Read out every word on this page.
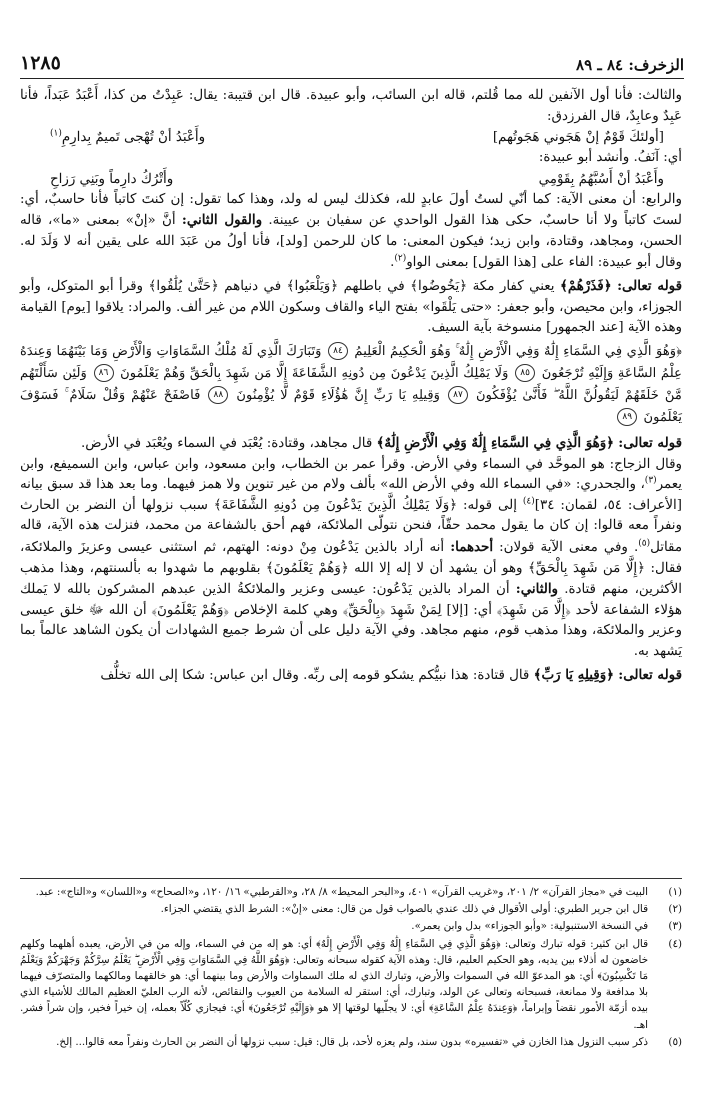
الزخرف: ٨٤ ـ ٨٩
١٢٨٥

والثالث: فأنا أول الآنفين لله مما قُلتم، قاله ابن السائب، وأبو عبيدة. قال ابن قتيبة: يقال: عَبِدْتُ من كذا، أَعْبَدُ عَبَداً، فأنا عَبِدٌ وعابِدٌ، قال الفرزدق:

[أولئكَ قَوْمٌ إنْ هَجَوني هَجَوتُهم]
وأَعْبَدُ أنْ تُهْجى تَميمٌ بِدارِمِ$^{(١)}$

أي: آنَفُ. وأنشد أبو عبيدة:

وأَعْبَدُ أنْ أَسُبَّهُمُ بِقَوْمِي
وأَتْرُكُ دارِماً وبَنِي رَزاحِ

والرابع: أن معنى الآية: كما أنّي لستُ أولَ عابدٍ لله، فكذلك ليس له ولد، وهذا كما تقول: إن كنتَ كاتباً فأنا حاسبٌ، أي: لستَ كاتباً ولا أنا حاسبٌ، حكى هذا القول الواحدي عن سفيان بن عيينة. والقول الثاني: أنَّ «إنْ» بمعنى «ما»، قاله الحسن، ومجاهد، وقتادة، وابن زيد؛ فيكون المعنى: ما كان للرحمن [ولد]، فأنا أولُ من عَبَدَ الله على يقين أنه لا وَلَدَ له. وقال أبو عبيدة: الفاء على [هذا القول] بمعنى الواو$^{(٢)}$.

قوله تعالى: ﴿فَذَرْهُمْ﴾ يعني كفار مكة ﴿يَخُوضُوا﴾ في باطلهم ﴿وَيَلْعَبُوا﴾ في دنياهم ﴿حَتَّىٰ يُلَٰقُوا﴾ وقرأ أبو المتوكل، وأبو الجوزاء، وابن محيصن، وأبو جعفر: «حتى يَلْقَوا» بفتح الياء والقاف وسكون اللام من غير ألف. والمراد: يلاقوا [يوم] القيامة وهذه الآية [عند الجمهور] منسوخة بآية السيف.

﴿وَهُوَ الَّذِي فِي السَّمَاءِ إِلَٰهٌ وَفِي الْأَرْضِ إِلَٰهٌ ۚ وَهُوَ الْحَكِيمُ الْعَلِيمُ ٨٤ وَتَبَارَكَ الَّذِي لَهُ مُلْكُ السَّمَاوَاتِ وَالْأَرْضِ وَمَا بَيْنَهُمَا وَعِندَهُ عِلْمُ السَّاعَةِ وَإِلَيْهِ تُرْجَعُونَ ٨٥ وَلَا يَمْلِكُ الَّذِينَ يَدْعُونَ مِن دُونِهِ الشَّفَاعَةَ إِلَّا مَن شَهِدَ بِالْحَقِّ وَهُمْ يَعْلَمُونَ ٨٦ وَلَئِن سَأَلْتَهُم مَّنْ خَلَقَهُمْ لَيَقُولُنَّ اللَّهُ ۖ فَأَنَّىٰ يُؤْفَكُونَ ٨٧ وَقِيلِهِ يَا رَبِّ إِنَّ هَٰؤُلَاءِ قَوْمٌ لَّا يُؤْمِنُونَ ٨٨ فَاصْفَحْ عَنْهُمْ وَقُلْ سَلَامٌ ۚ فَسَوْفَ يَعْلَمُونَ ٨٩

قوله تعالى: ﴿وَهُوَ الَّذِي فِي السَّمَاءِ إِلَٰهٌ وَفِي الْأَرْضِ إِلَٰهٌ﴾ قال مجاهد، وقتادة: يُعْبَد في السماء ويُعْبَد في الأرض.

وقال الزجاج: هو الموحَّد في السماء وفي الأرض. وقرأ عمر بن الخطاب، وابن مسعود، وابن عباس، وابن السميفع، وابن يعمر$^{(٣)}$، والجحدري: «في السماء الله وفي الأرض الله» بألف ولام من غير تنوين ولا همز فيهما. وما بعد هذا قد سبق بيانه [الأعراف: ٥٤، لقمان: ٣٤]$^{(٤)}$ إلى قوله: ﴿وَلَا يَمْلِكُ الَّذِينَ يَدْعُونَ مِن دُونِهِ الشَّفَاعَةَ﴾ سبب نزولها أن النضر بن الحارث ونفراً معه قالوا: إن كان ما يقول محمد حقّاً، فنحن نتولّى الملائكة، فهم أحق بالشفاعة من محمد، فنزلت هذه الآية، قاله مقاتل$^{(٥)}$. وفي معنى الآية قولان: أحدهما: أنه أراد بالذين يَدْعُون مِنْ دونه: الهتهم، ثم استثنى عيسى وعزيزَ والملائكة، فقال: ﴿إِلَّا مَن شَهِدَ بِالْحَقِّ﴾ وهو أن يشهد أن لا إله إلا الله ﴿وَهُمْ يَعْلَمُونَ﴾ بقلوبهم ما شهدوا به بألسنتهم، وهذا مذهب الأكثرين، منهم قتادة. والثاني: أن المراد بالذين يَدْعُون: عيسى وعزير والملائكةُ الذين عبدهم المشركون بالله لا يَملك هؤلاء الشفاعة لأحد ﴿إِلَّا مَن شَهِدَ﴾ أي: [إلا] لِمَنْ شَهِدَ ﴿بِالْحَقِّ﴾ وهي كلمة الإخلاص ﴿وَهُمْ يَعْلَمُونَ﴾ أن الله ﷻ خلق عيسى وعزير والملائكة، وهذا مذهب قوم، منهم مجاهد. وفي الآية دليل على أن شرط جميع الشهادات أن يكون الشاهد عالماً بما يَشهد به.

قوله تعالى: ﴿وَقِيلِهِ يَا رَبِّ﴾ قال قتادة: هذا نبيُّكم يشكو قومه إلى ربِّه. وقال ابن عباس: شكا إلى الله تخلُّف

(١)
البيت في «مجاز القرآن» ٢/ ٢٠١، و«غريب القرآن» ٤٠١، و«البحر المحيط» ٨/ ٢٨، و«القرطبي» ١٦/ ١٢٠، و«الصحاح» و«اللسان» و«التاج»: عبد.
(٢)
قال ابن جرير الطبري: أولى الأقوال في ذلك عندي بالصواب قول من قال: معنى «إنْ»: الشرط الذي يقتضي الجزاء.
(٣)
في النسخة الاستنبولية: «وأبو الجوزاء» بدل وابن يعمر».
(٤)
قال ابن كثير: قوله تبارك وتعالى: ﴿وَهُوَ الَّذِي فِي السَّمَاءِ إِلَٰهٌ وَفِي الْأَرْضِ إِلَٰهٌ﴾ أي: هو إله من في السماء، وإله من في الأرض، يعبده أهلهما وكلهم خاضعون له أذلاء بين يديه، وهو الحكيم العليم، قال: وهذه الآية كقوله سبحانه وتعالى: ﴿وَهُوَ اللَّهُ فِي السَّمَاوَاتِ وَفِي الْأَرْضِ ۖ يَعْلَمُ سِرَّكُمْ وَجَهْرَكُمْ وَيَعْلَمُ مَا تَكْسِبُونَ﴾ أي: هو المدعوّ الله في السموات والأرض، وتبارك الذي له ملك السماوات والأرض وما بينهما أي: هو خالقهما ومالكهما والمتصرّف فيهما بلا مدافعة ولا ممانعة، فسبحانه وتعالى عن الولد، وتبارك، أي: استقر له السلامة من العيوب والنقائص، لأنه الرب العليّ العظيم المالك للأشياء الذي بيده أزمّة الأمور نقضاً وإبراماً، ﴿وَعِندَهُ عِلْمُ السَّاعَةِ﴾ أي: لا يجلّيها لوقتها إلا هو ﴿وَإِلَيْهِ تُرْجَعُونَ﴾ أي: فيجازي كُلّاً بعمله، إن خيراً فخير، وإن شراً فشر. اهـ.
(٥)
ذكر سبب النزول هذا الخازن في «تفسيره» بدون سند، ولم يعزه لأحد، بل قال: قيل: سبب نزولها أن النضر بن الحارث ونفراً معه قالوا... إلخ.
